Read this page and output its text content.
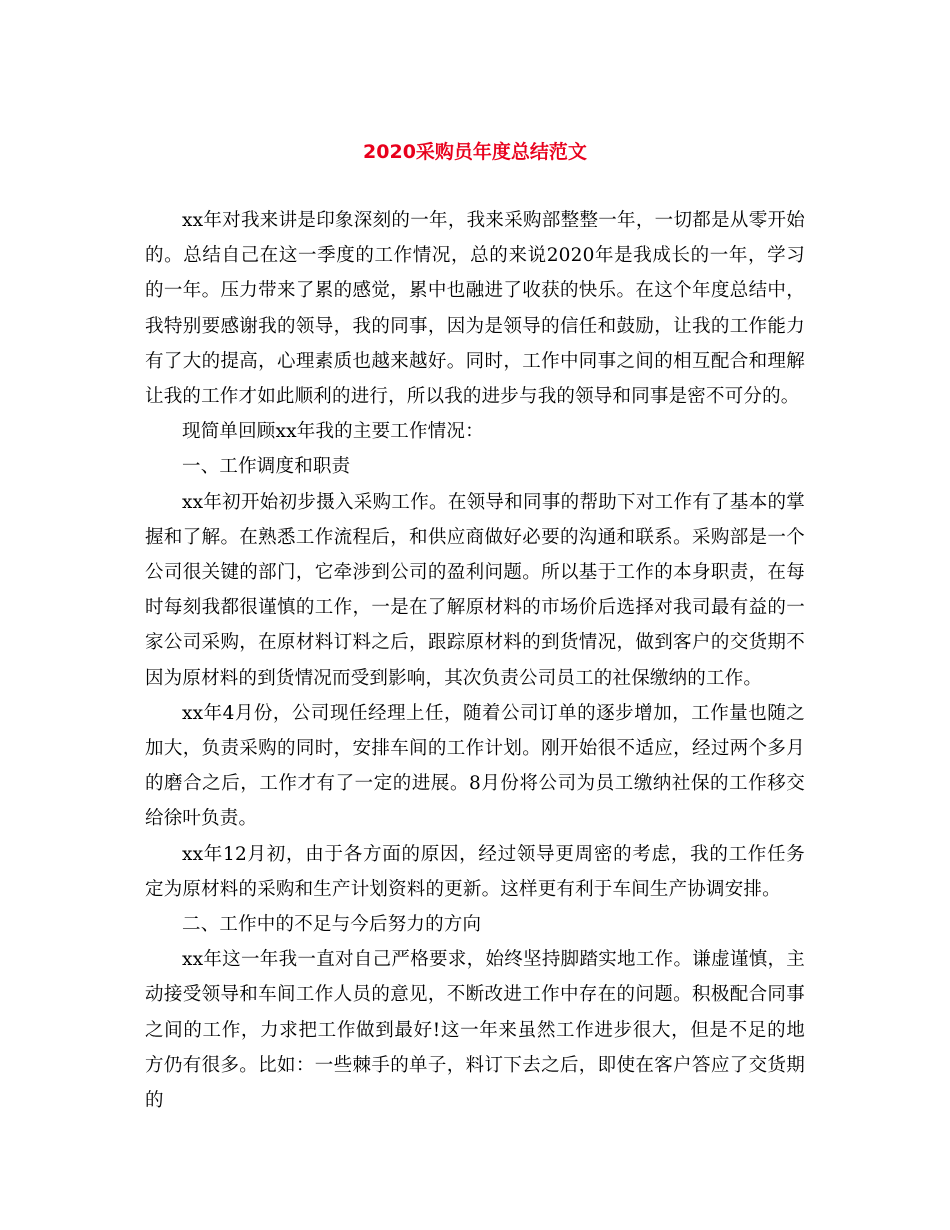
2020采购员年度总结范文

xx年对我来讲是印象深刻的一年，我来采购部整整一年，一切都是从零开始的。总结自己在这一季度的工作情况，总的来说2020年是我成长的一年，学习的一年。压力带来了累的感觉，累中也融进了收获的快乐。在这个年度总结中，我特别要感谢我的领导，我的同事，因为是领导的信任和鼓励，让我的工作能力有了大的提高，心理素质也越来越好。同时，工作中同事之间的相互配合和理解让我的工作才如此顺利的进行，所以我的进步与我的领导和同事是密不可分的。

现简单回顾xx年我的主要工作情况：

一、工作调度和职责

xx年初开始初步摄入采购工作。在领导和同事的帮助下对工作有了基本的掌握和了解。在熟悉工作流程后，和供应商做好必要的沟通和联系。采购部是一个公司很关键的部门，它牵涉到公司的盈利问题。所以基于工作的本身职责，在每时每刻我都很谨慎的工作，一是在了解原材料的市场价后选择对我司最有益的一家公司采购，在原材料订料之后，跟踪原材料的到货情况，做到客户的交货期不因为原材料的到货情况而受到影响，其次负责公司员工的社保缴纳的工作。

xx年4月份，公司现任经理上任，随着公司订单的逐步增加，工作量也随之加大，负责采购的同时，安排车间的工作计划。刚开始很不适应，经过两个多月的磨合之后，工作才有了一定的进展。8月份将公司为员工缴纳社保的工作移交给徐叶负责。

xx年12月初，由于各方面的原因，经过领导更周密的考虑，我的工作任务定为原材料的采购和生产计划资料的更新。这样更有利于车间生产协调安排。

二、工作中的不足与今后努力的方向

xx年这一年我一直对自己严格要求，始终坚持脚踏实地工作。谦虚谨慎，主动接受领导和车间工作人员的意见，不断改进工作中存在的问题。积极配合同事之间的工作，力求把工作做到最好!这一年来虽然工作进步很大，但是不足的地方仍有很多。比如：一些棘手的单子，料订下去之后，即使在客户答应了交货期的
